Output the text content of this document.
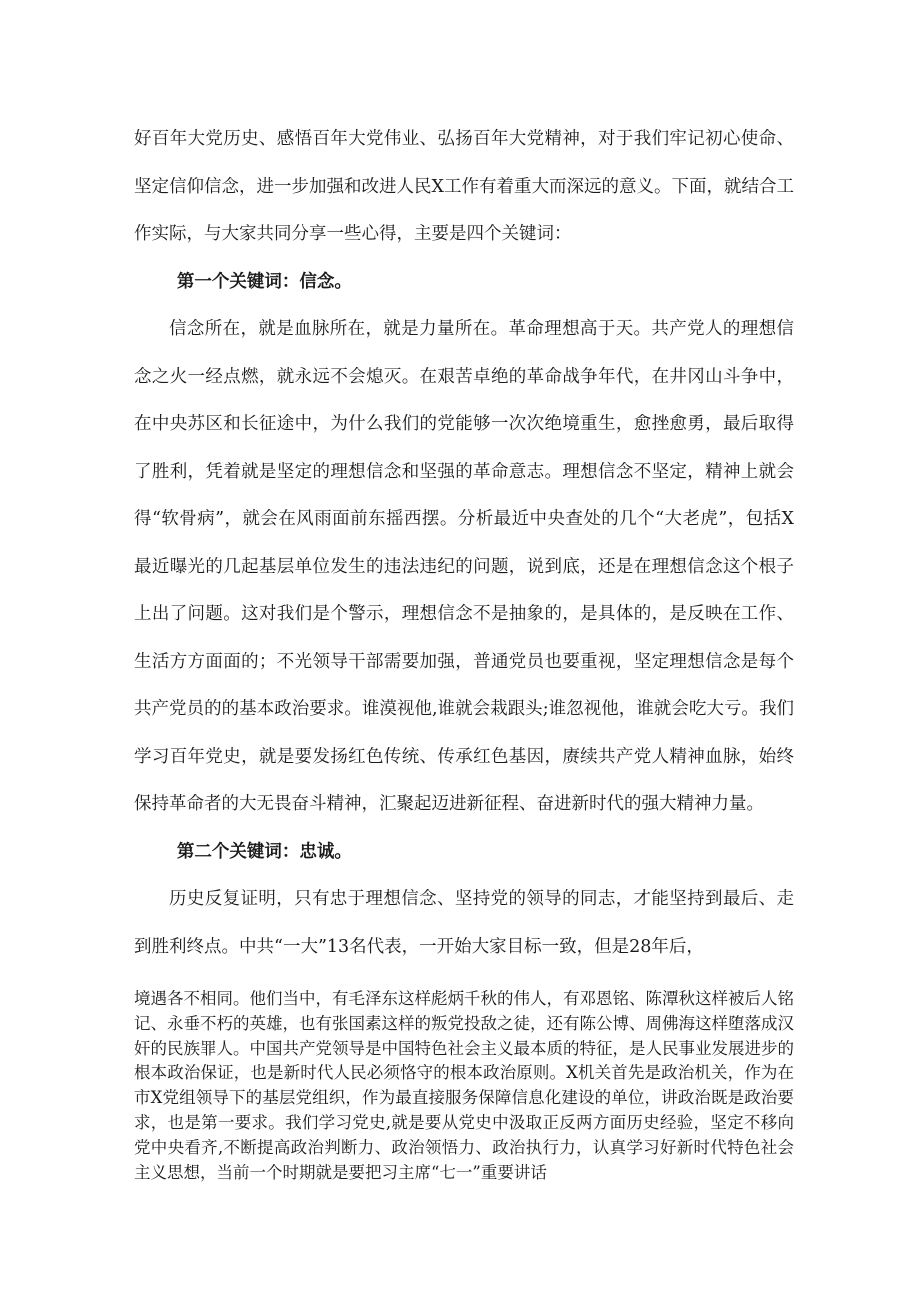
好百年大党历史、感悟百年大党伟业、弘扬百年大党精神，对于我们牢记初心使命、坚定信仰信念，进一步加强和改进人民X工作有着重大而深远的意义。下面，就结合工作实际，与大家共同分享一些心得，主要是四个关键词：

第一个关键词：信念。

信念所在，就是血脉所在，就是力量所在。革命理想高于天。共产党人的理想信念之火一经点燃，就永远不会熄灭。在艰苦卓绝的革命战争年代，在井冈山斗争中，在中央苏区和长征途中，为什么我们的党能够一次次绝境重生，愈挫愈勇，最后取得了胜利，凭着就是坚定的理想信念和坚强的革命意志。理想信念不坚定，精神上就会得“软骨病”，就会在风雨面前东摇西摆。分析最近中央查处的几个“大老虎”，包括X最近曝光的几起基层单位发生的违法违纪的问题，说到底，还是在理想信念这个根子上出了问题。这对我们是个警示，理想信念不是抽象的，是具体的，是反映在工作、生活方方面面的；不光领导干部需要加强，普通党员也要重视，坚定理想信念是每个共产党员的的基本政治要求。谁漠视他,谁就会栽跟头;谁忽视他，谁就会吃大亏。我们学习百年党史，就是要发扬红色传统、传承红色基因，赓续共产党人精神血脉，始终保持革命者的大无畏奋斗精神，汇聚起迈进新征程、奋进新时代的强大精神力量。

第二个关键词：忠诚。

历史反复证明，只有忠于理想信念、坚持党的领导的同志，才能坚持到最后、走到胜利终点。中共“一大”13名代表，一开始大家目标一致，但是28年后，

境遇各不相同。他们当中，有毛泽东这样彪炳千秋的伟人，有邓恩铭、陈潭秋这样被后人铭记、永垂不朽的英雄，也有张国素这样的叛党投敌之徒，还有陈公博、周佛海这样堕落成汉奸的民族罪人。中国共产党领导是中国特色社会主义最本质的特征，是人民事业发展进步的根本政治保证，也是新时代人民必须恪守的根本政治原则。X机关首先是政治机关，作为在市X党组领导下的基层党组织，作为最直接服务保障信息化建设的单位，讲政治既是政治要求，也是第一要求。我们学习党史,就是要从党史中汲取正反两方面历史经验，坚定不移向党中央看齐,不断提高政治判断力、政治领悟力、政治执行力，认真学习好新时代特色社会主义思想，当前一个时期就是要把习主席“七一”重要讲话
